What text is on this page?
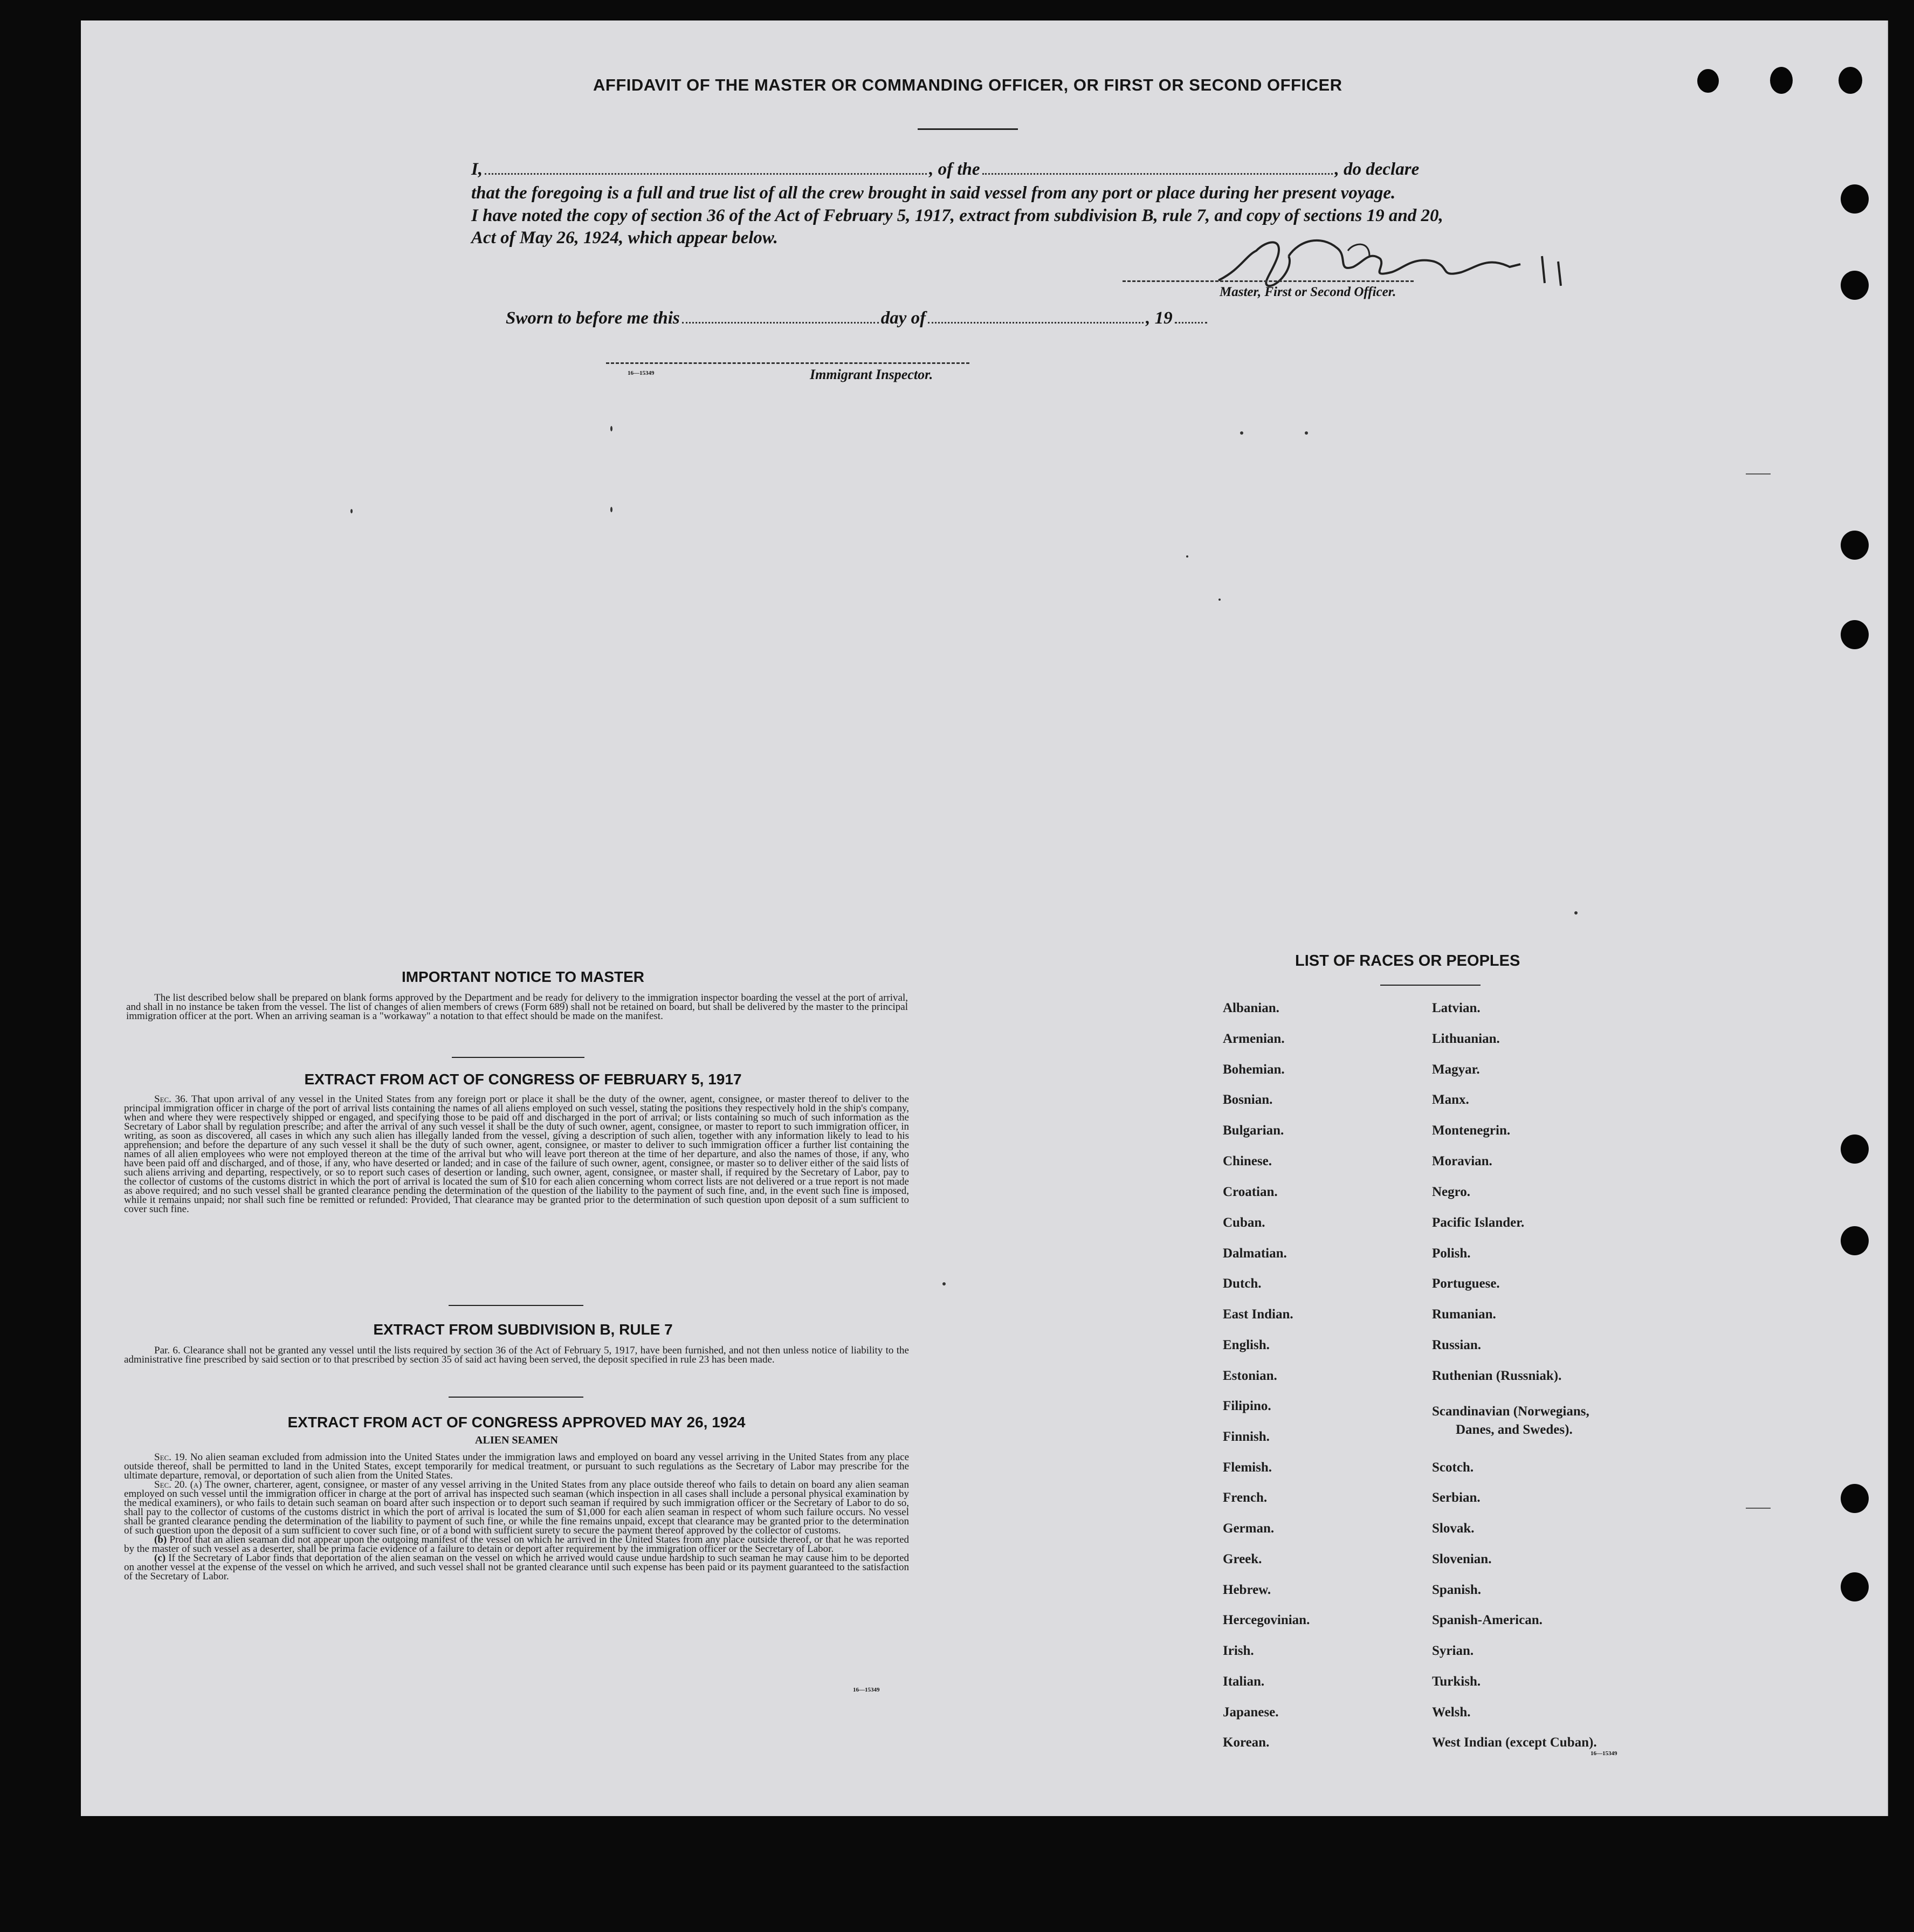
AFFIDAVIT OF THE MASTER OR COMMANDING OFFICER, OR FIRST OR SECOND OFFICER
I,	, of the	, do declare
that the foregoing is a full and true list of all the crew brought in said vessel from any port or place during her present voyage.
I have noted the copy of section 36 of the Act of February 5, 1917, extract from subdivision B, rule 7, and copy of sections 19 and 20,
Act of May 26, 1924, which appear below.
Master, First or Second Officer.
Sworn to before me this	day of	, 19
16—15349	Immigrant Inspector.
IMPORTANT NOTICE TO MASTER
The list described below shall be prepared on blank forms approved by the Department and be ready for delivery to the immigration inspector boarding the vessel at the port of arrival, and shall in no instance be taken from the vessel. The list of changes of alien members of crews (Form 689) shall not be retained on board, but shall be delivered by the master to the principal immigration officer at the port. When an arriving seaman is a "workaway" a notation to that effect should be made on the manifest.
EXTRACT FROM ACT OF CONGRESS OF FEBRUARY 5, 1917
Sec. 36. That upon arrival of any vessel in the United States from any foreign port or place it shall be the duty of the owner, agent, consignee, or master thereof to deliver to the principal immigration officer in charge of the port of arrival lists containing the names of all aliens employed on such vessel, stating the positions they respectively hold in the ship's company, when and where they were respectively shipped or engaged, and specifying those to be paid off and discharged in the port of arrival; or lists containing so much of such information as the Secretary of Labor shall by regulation prescribe; and after the arrival of any such vessel it shall be the duty of such owner, agent, consignee, or master to report to such immigration officer, in writing, as soon as discovered, all cases in which any such alien has illegally landed from the vessel, giving a description of such alien, together with any information likely to lead to his apprehension; and before the departure of any such vessel it shall be the duty of such owner, agent, consignee, or master to deliver to such immigration officer a further list containing the names of all alien employees who were not employed thereon at the time of the arrival but who will leave port thereon at the time of her departure, and also the names of those, if any, who have been paid off and discharged, and of those, if any, who have deserted or landed; and in case of the failure of such owner, agent, consignee, or master so to deliver either of the said lists of such aliens arriving and departing, respectively, or so to report such cases of desertion or landing, such owner, agent, consignee, or master shall, if required by the Secretary of Labor, pay to the collector of customs of the customs district in which the port of arrival is located the sum of $10 for each alien concerning whom correct lists are not delivered or a true report is not made as above required; and no such vessel shall be granted clearance pending the determination of the question of the liability to the payment of such fine, and, in the event such fine is imposed, while it remains unpaid; nor shall such fine be remitted or refunded: Provided, That clearance may be granted prior to the determination of such question upon deposit of a sum sufficient to cover such fine.
EXTRACT FROM SUBDIVISION B, RULE 7
Par. 6. Clearance shall not be granted any vessel until the lists required by section 36 of the Act of February 5, 1917, have been furnished, and not then unless notice of liability to the administrative fine prescribed by said section or to that prescribed by section 35 of said act having been served, the deposit specified in rule 23 has been made.
EXTRACT FROM ACT OF CONGRESS APPROVED MAY 26, 1924
ALIEN SEAMEN
Sec. 19. No alien seaman excluded from admission into the United States under the immigration laws and employed on board any vessel arriving in the United States from any place outside thereof, shall be permitted to land in the United States, except temporarily for medical treatment, or pursuant to such regulations as the Secretary of Labor may prescribe for the ultimate departure, removal, or deportation of such alien from the United States.
Sec. 20. (a) The owner, charterer, agent, consignee, or master of any vessel arriving in the United States from any place outside thereof who fails to detain on board any alien seaman employed on such vessel until the immigration officer in charge at the port of arrival has inspected such seaman (which inspection in all cases shall include a personal physical examination by the medical examiners), or who fails to detain such seaman on board after such inspection or to deport such seaman if required by such immigration officer or the Secretary of Labor to do so, shall pay to the collector of customs of the customs district in which the port of arrival is located the sum of $1,000 for each alien seaman in respect of whom such failure occurs. No vessel shall be granted clearance pending the determination of the liability to payment of such fine, or while the fine remains unpaid, except that clearance may be granted prior to the determination of such question upon the deposit of a sum sufficient to cover such fine, or of a bond with sufficient surety to secure the payment thereof approved by the collector of customs.
(b) Proof that an alien seaman did not appear upon the outgoing manifest of the vessel on which he arrived in the United States from any place outside thereof, or that he was reported by the master of such vessel as a deserter, shall be prima facie evidence of a failure to detain or deport after requirement by the immigration officer or the Secretary of Labor.
(c) If the Secretary of Labor finds that deportation of the alien seaman on the vessel on which he arrived would cause undue hardship to such seaman he may cause him to be deported on another vessel at the expense of the vessel on which he arrived, and such vessel shall not be granted clearance until such expense has been paid or its payment guaranteed to the satisfaction of the Secretary of Labor.
16—15349
LIST OF RACES OR PEOPLES
Albanian.
Armenian.
Bohemian.
Bosnian.
Bulgarian.
Chinese.
Croatian.
Cuban.
Dalmatian.
Dutch.
East Indian.
English.
Estonian.
Filipino.
Finnish.
Flemish.
French.
German.
Greek.
Hebrew.
Hercegovinian.
Irish.
Italian.
Japanese.
Korean.
Latvian.
Lithuanian.
Magyar.
Manx.
Montenegrin.
Moravian.
Negro.
Pacific Islander.
Polish.
Portuguese.
Rumanian.
Russian.
Ruthenian (Russniak).
Scandinavian (Norwegians,
Danes, and Swedes).
Scotch.
Serbian.
Slovak.
Slovenian.
Spanish.
Spanish-American.
Syrian.
Turkish.
Welsh.
West Indian (except Cuban).
16—15349
